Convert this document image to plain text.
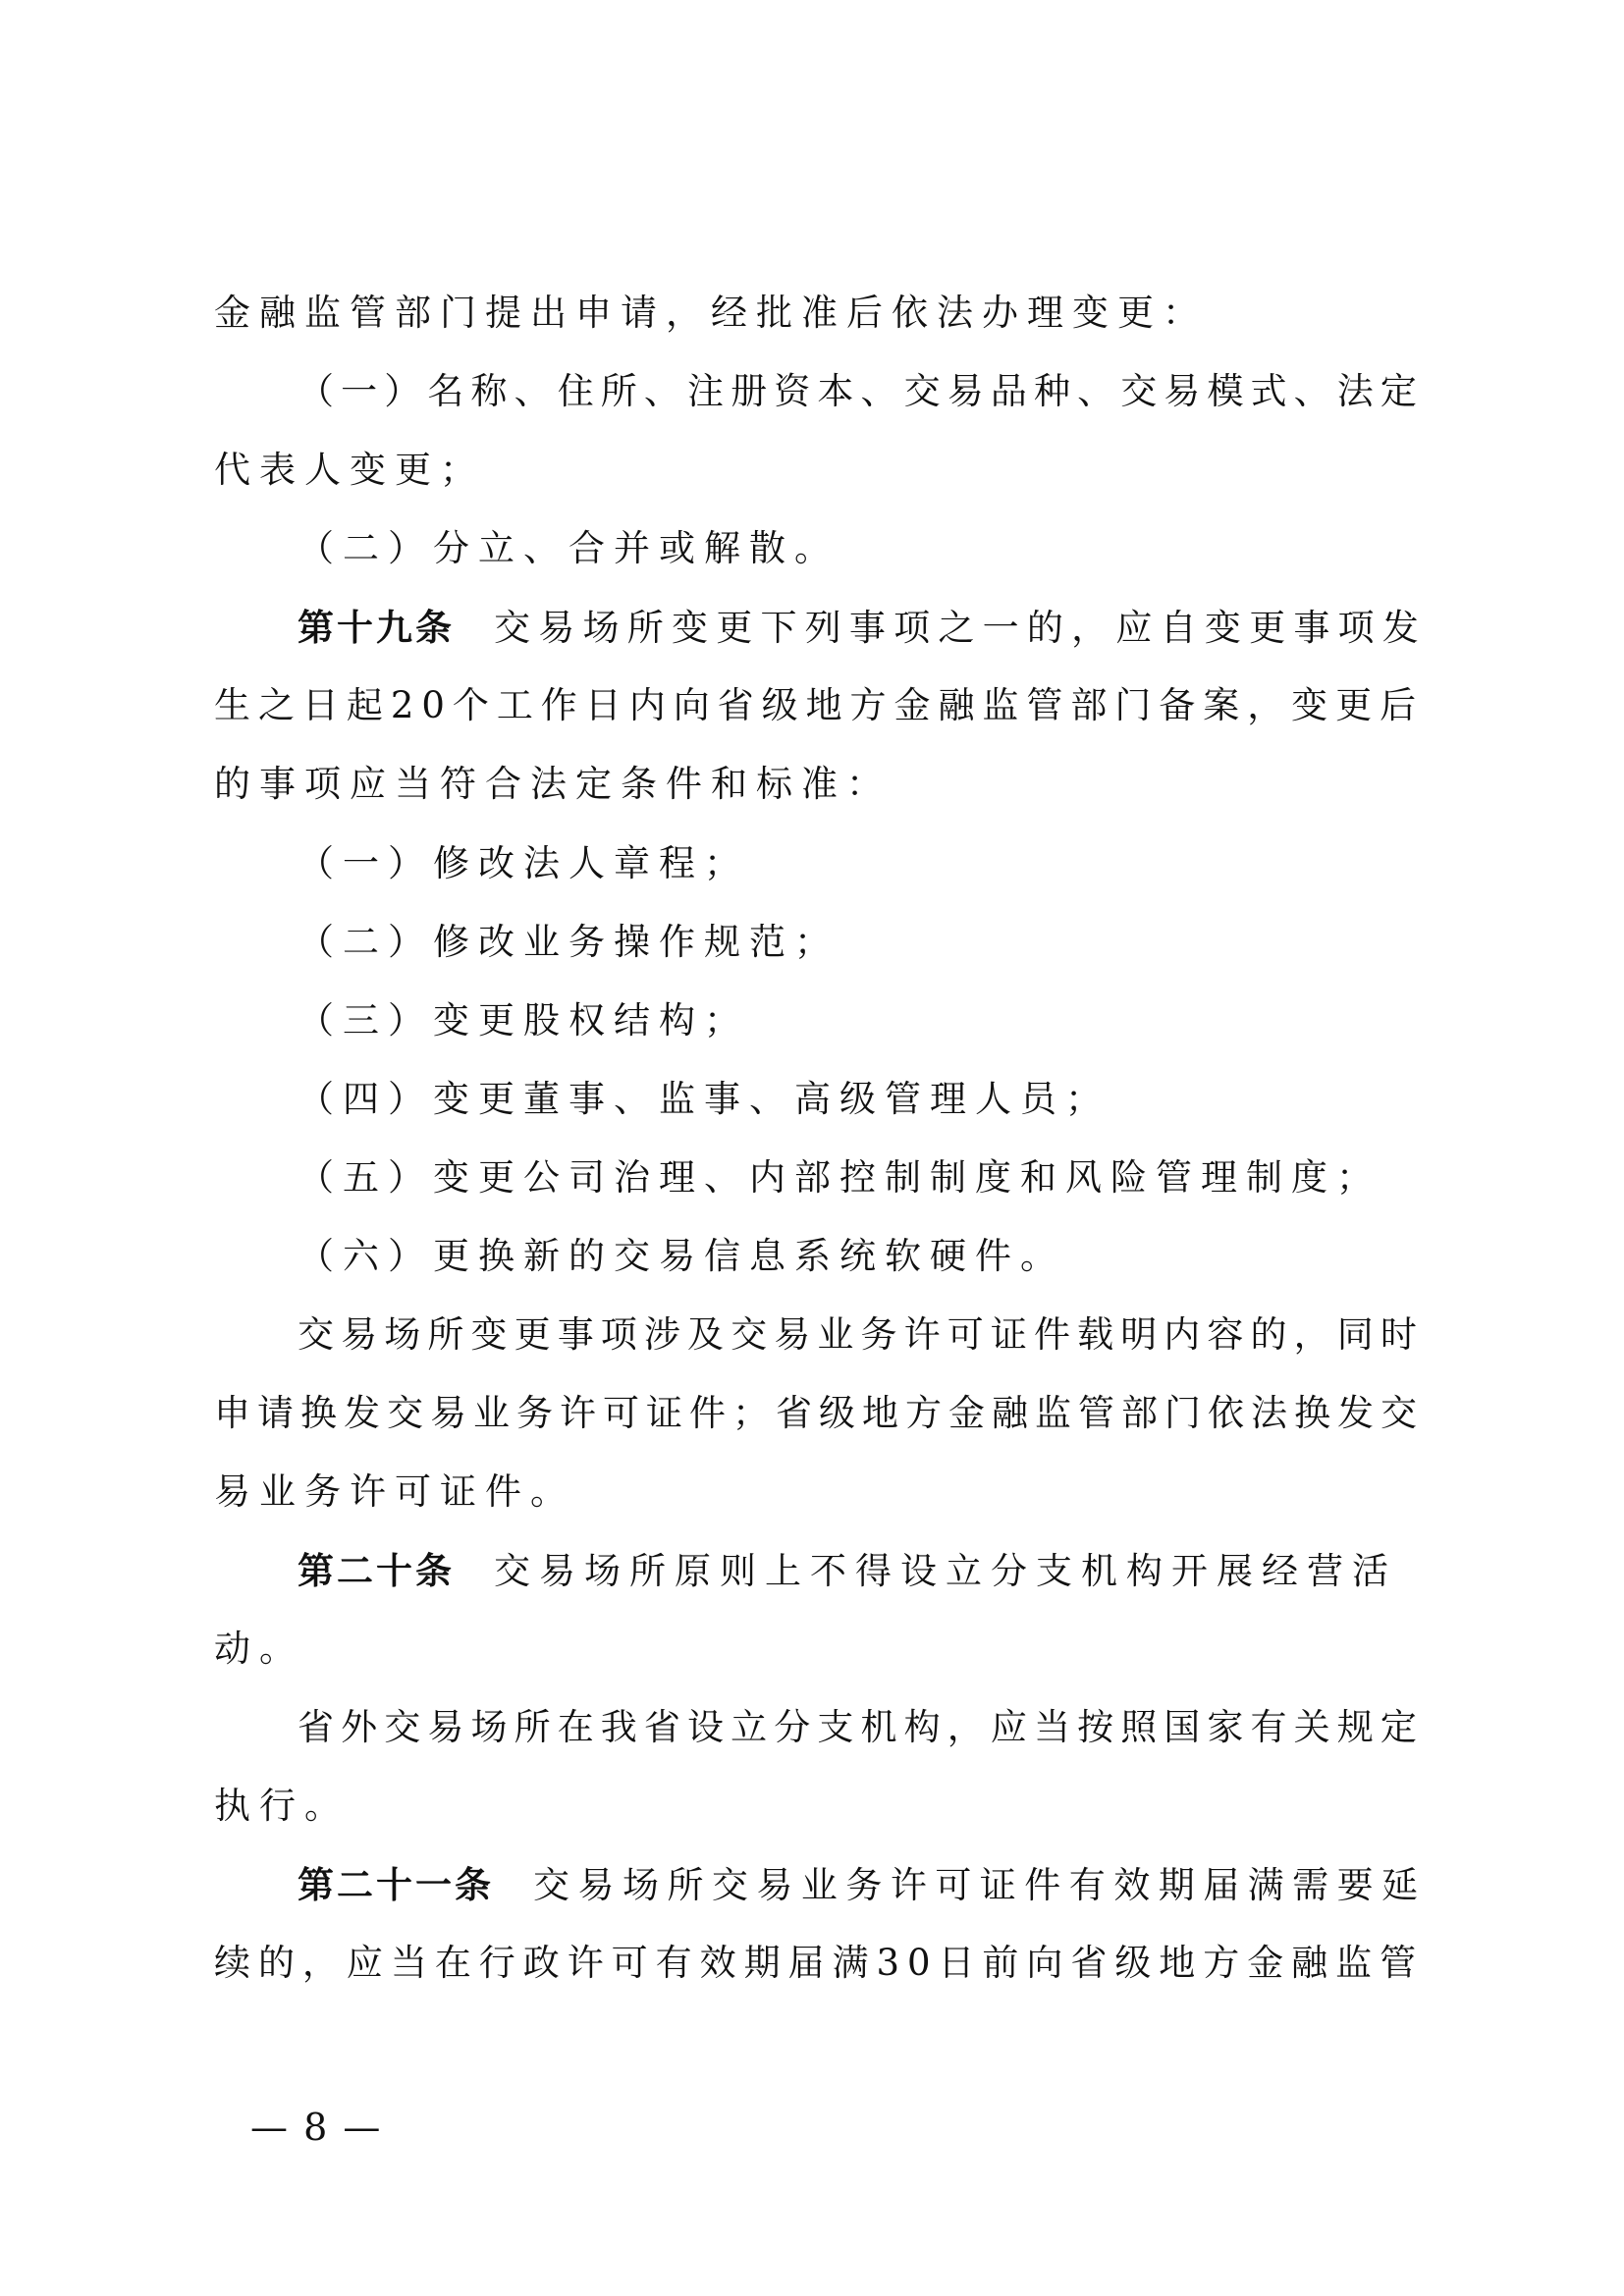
金融监管部门提出申请，经批准后依法办理变更：
（一）名称、住所、注册资本、交易品种、交易模式、法定
代表人变更；
（二）分立、合并或解散。
第十九条 交易场所变更下列事项之一的，应自变更事项发
生之日起20个工作日内向省级地方金融监管部门备案，变更后
的事项应当符合法定条件和标准：
（一）修改法人章程；
（二）修改业务操作规范；
（三）变更股权结构；
（四）变更董事、监事、高级管理人员；
（五）变更公司治理、内部控制制度和风险管理制度；
（六）更换新的交易信息系统软硬件。
交易场所变更事项涉及交易业务许可证件载明内容的，同时
申请换发交易业务许可证件；省级地方金融监管部门依法换发交
易业务许可证件。
第二十条 交易场所原则上不得设立分支机构开展经营活
动。
省外交易场所在我省设立分支机构，应当按照国家有关规定
执行。
第二十一条 交易场所交易业务许可证件有效期届满需要延
续的，应当在行政许可有效期届满30日前向省级地方金融监管
— 8 —
